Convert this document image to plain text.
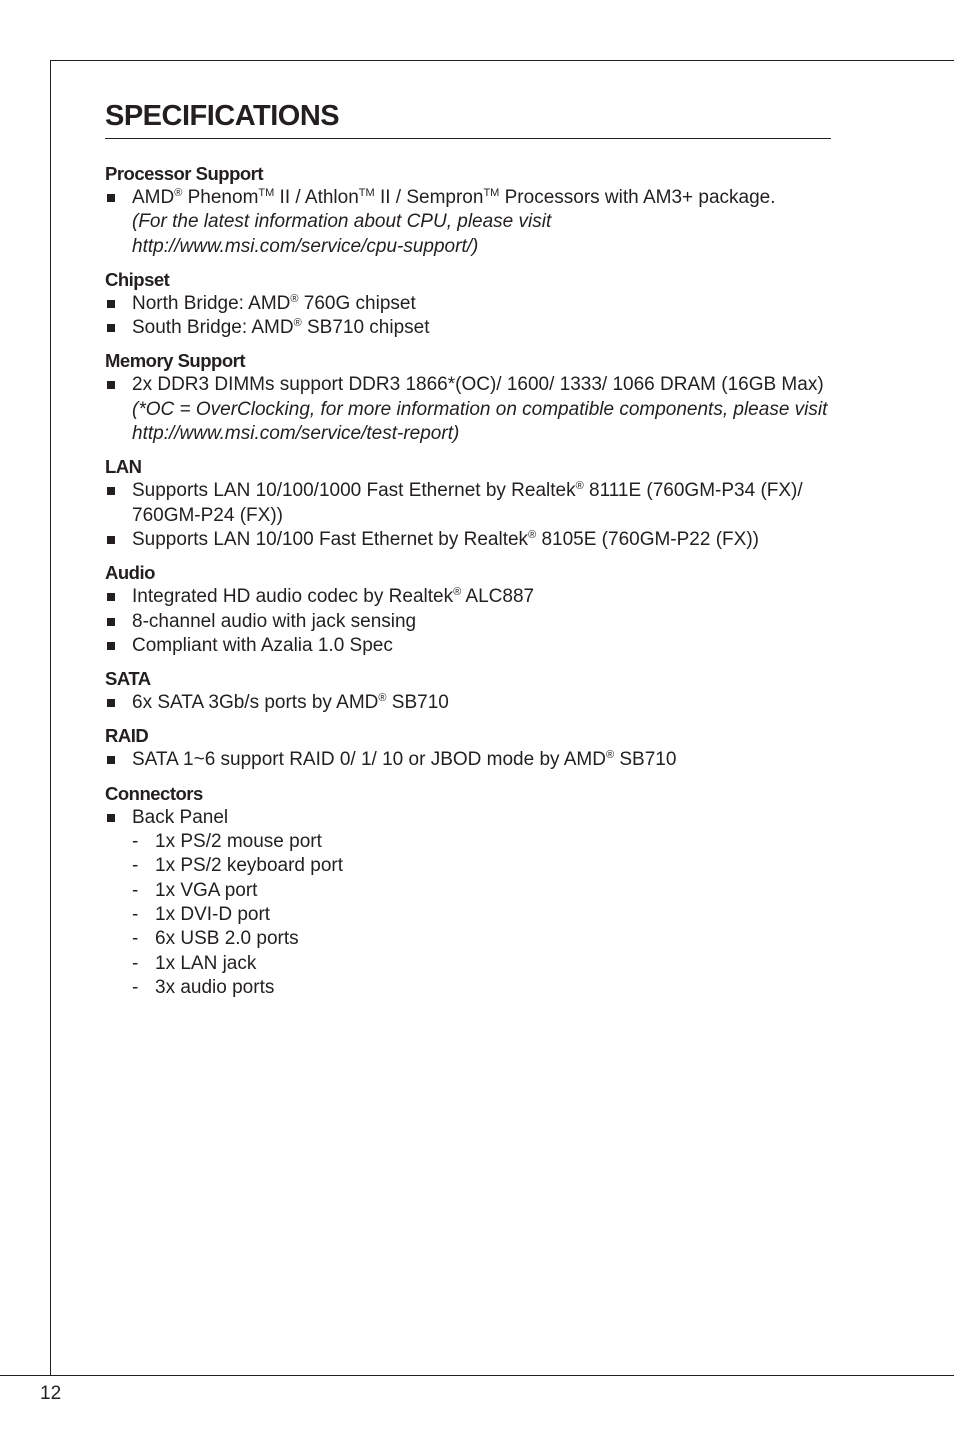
12
SPECIFICATIONS
Processor Support
AMD® Phenom™ II / Athlon™ II / Sempron™ Processors with AM3+ package.
(For the latest information about CPU, please visit
http://www.msi.com/service/cpu-support/)
Chipset
North Bridge: AMD® 760G chipset
South Bridge: AMD® SB710 chipset
Memory Support
2x DDR3 DIMMs support DDR3 1866*(OC)/ 1600/ 1333/ 1066 DRAM (16GB Max)
(*OC = OverClocking, for more information on compatible components, please visit http://www.msi.com/service/test-report)
LAN
Supports LAN 10/100/1000 Fast Ethernet by Realtek® 8111E (760GM-P34 (FX)/ 760GM-P24 (FX))
Supports LAN 10/100 Fast Ethernet by Realtek® 8105E (760GM-P22 (FX))
Audio
Integrated HD audio codec by Realtek® ALC887
8-channel audio with jack sensing
Compliant with Azalia 1.0 Spec
SATA
6x SATA 3Gb/s ports by AMD® SB710
RAID
SATA 1~6 support RAID 0/ 1/ 10 or JBOD mode by AMD® SB710
Connectors
Back Panel
- 1x PS/2 mouse port
- 1x PS/2 keyboard port
- 1x VGA port
- 1x DVI-D port
- 6x USB 2.0 ports
- 1x LAN jack
- 3x audio ports
